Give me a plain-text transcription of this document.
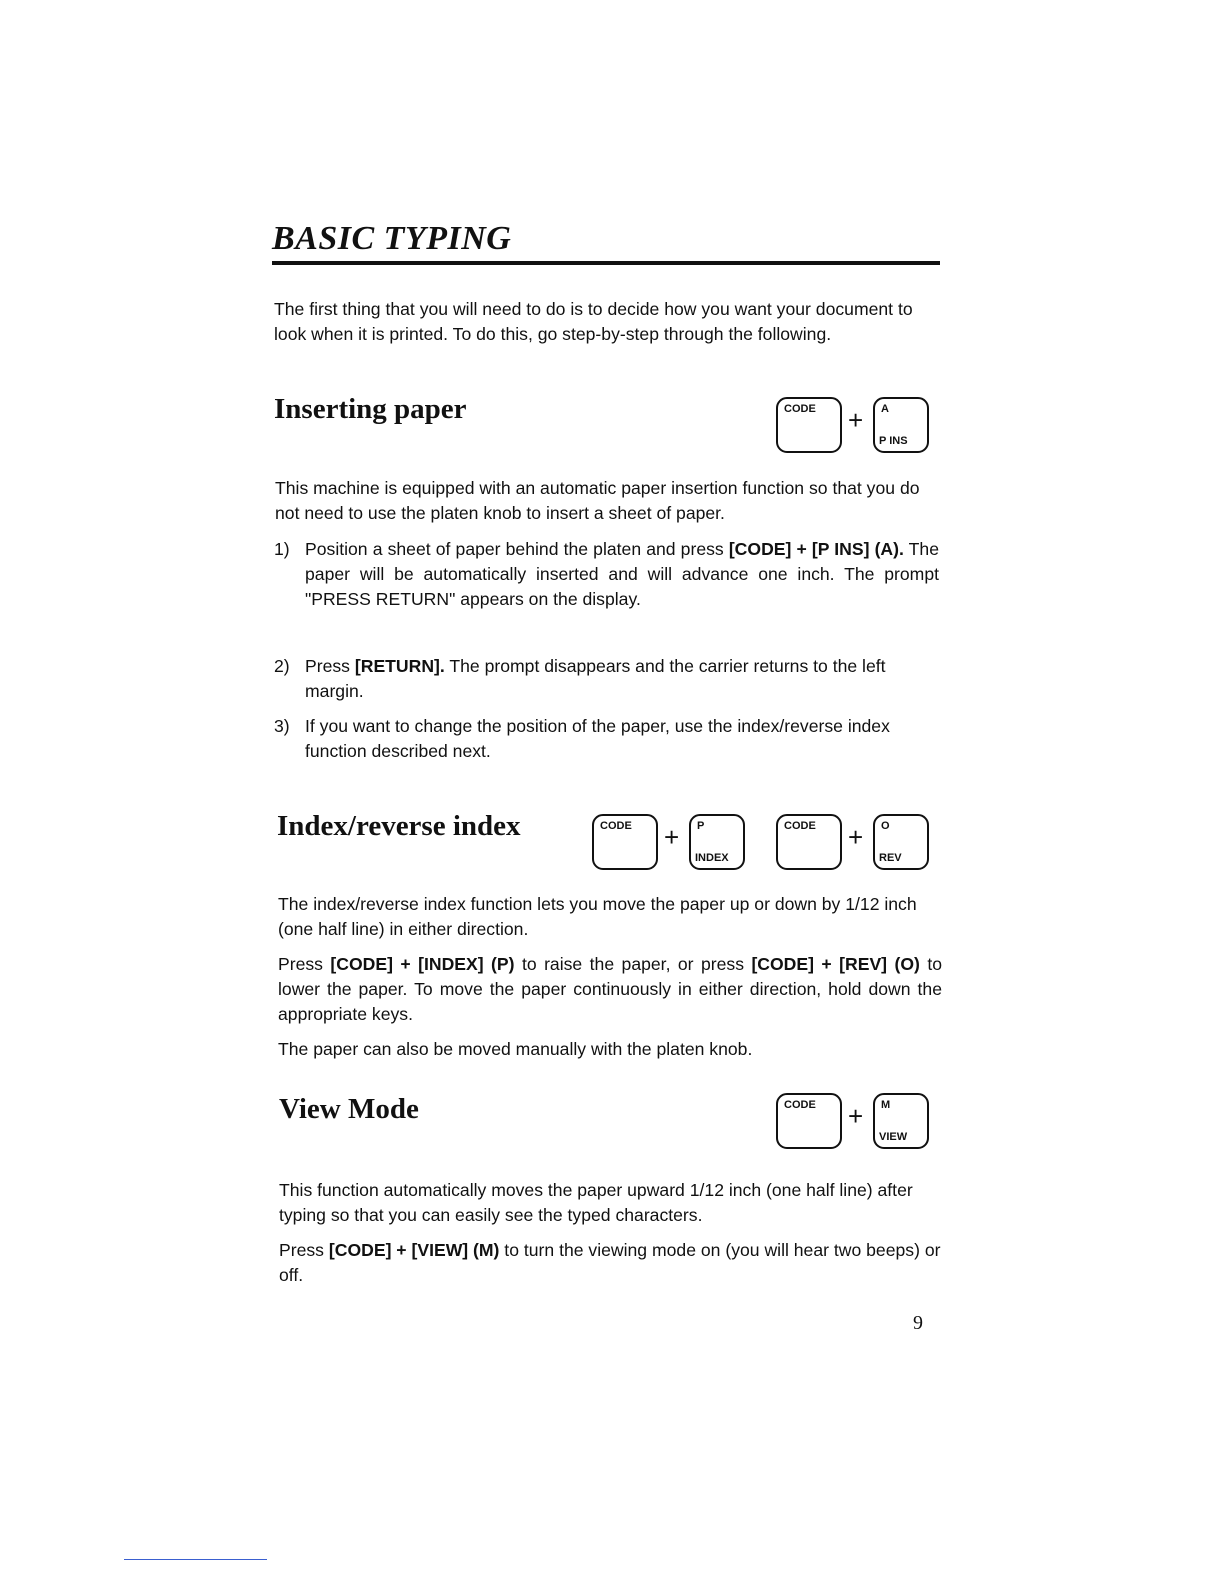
BASIC TYPING

The first thing that you will need to do is to decide how you want your document to look when it is printed. To do this, go step-by-step through the following.

Inserting paper	CODE + A
P INS

This machine is equipped with an automatic paper insertion function so that you do not need to use the platen knob to insert a sheet of paper.

1) Position a sheet of paper behind the platen and press [CODE] + [P INS] (A). The paper will be automatically inserted and will advance one inch. The prompt "PRESS RETURN" appears on the display.
2) Press [RETURN]. The prompt disappears and the carrier returns to the left margin.
3) If you want to change the position of the paper, use the index/reverse index function described next.
Index/reverse index	CODE + P
INDEX
CODE + O
REV

The index/reverse index function lets you move the paper up or down by 1/12 inch (one half line) in either direction.

Press [CODE] + [INDEX] (P) to raise the paper, or press [CODE] + [REV] (O) to lower the paper. To move the paper continuously in either direction, hold down the appropriate keys.

The paper can also be moved manually with the platen knob.

View Mode	CODE + M
VIEW

This function automatically moves the paper upward 1/12 inch (one half line) after typing so that you can easily see the typed characters.

Press [CODE] + [VIEW] (M) to turn the viewing mode on (you will hear two beeps) or off.

9
